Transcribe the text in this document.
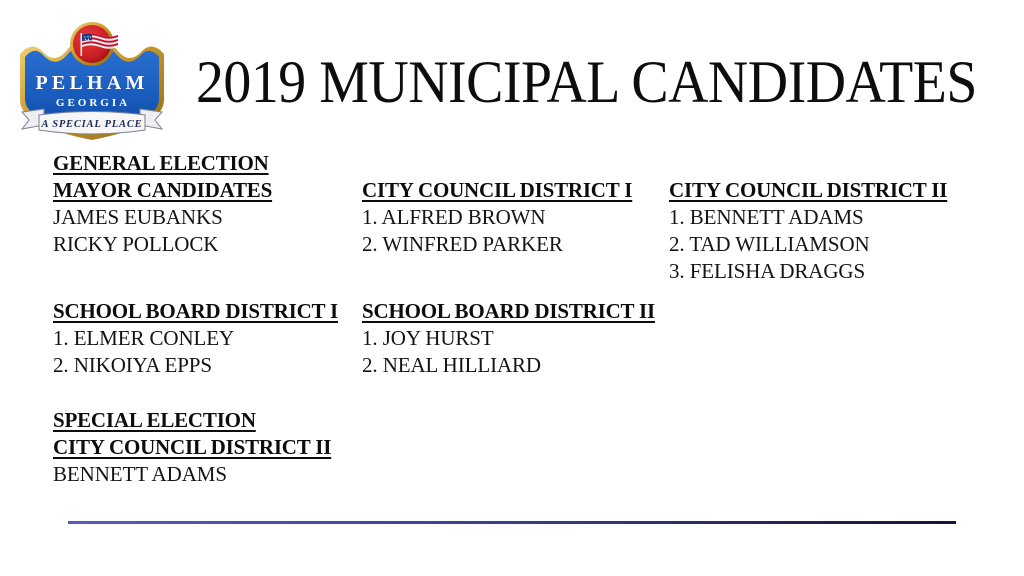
PELHAM
GEORGIA
A SPECIAL PLACE
2019 MUNICIPAL CANDIDATES
GENERAL ELECTION
MAYOR CANDIDATES
JAMES EUBANKS
RICKY POLLOCK
CITY COUNCIL DISTRICT I
1. ALFRED BROWN
2. WINFRED PARKER
CITY COUNCIL DISTRICT II
1. BENNETT ADAMS
2. TAD WILLIAMSON
3. FELISHA DRAGGS
SCHOOL BOARD DISTRICT I
1. ELMER CONLEY
2. NIKOIYA EPPS
SCHOOL BOARD DISTRICT II
1. JOY HURST
2. NEAL HILLIARD
SPECIAL ELECTION
CITY COUNCIL DISTRICT II
BENNETT ADAMS
